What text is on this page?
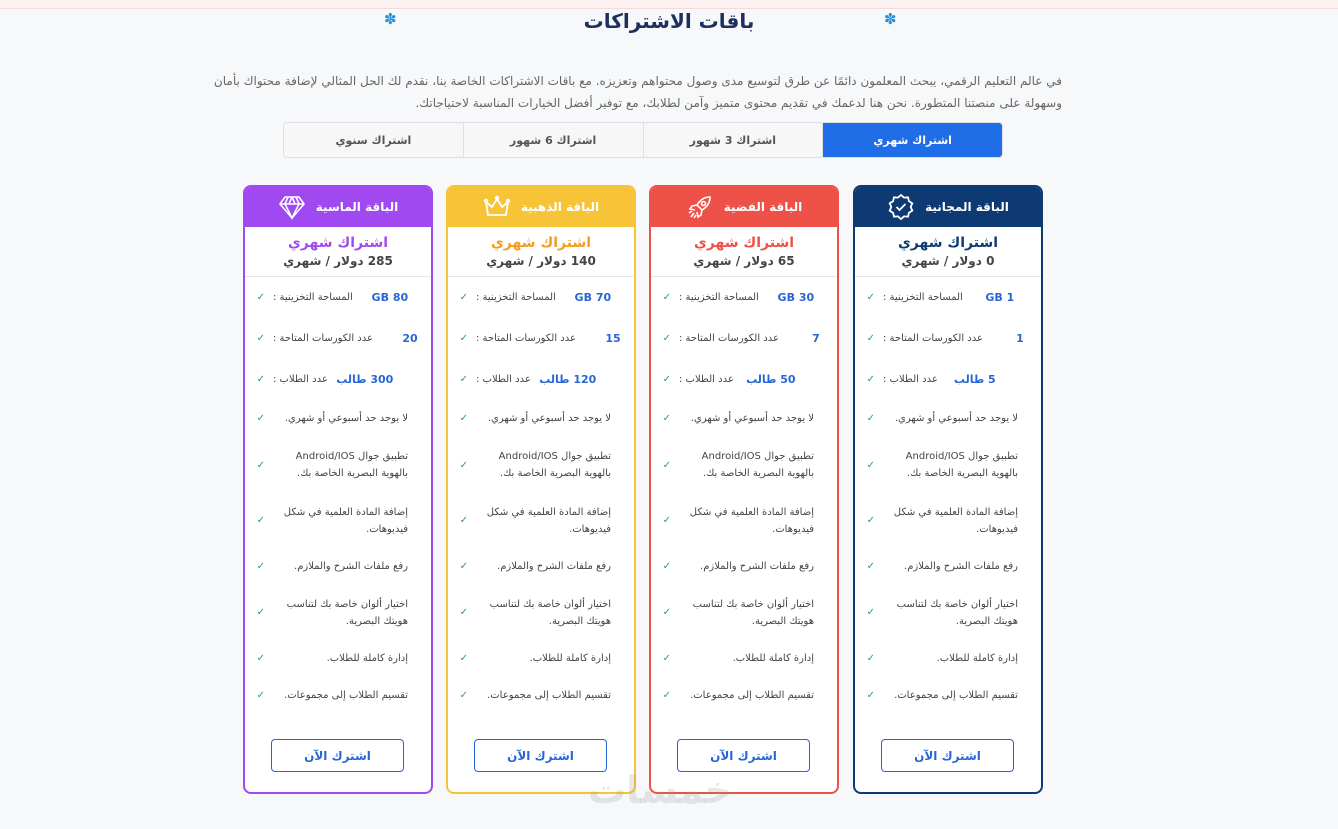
✽	✽
باقات الاشتراكات

في عالم التعليم الرقمي، يبحث المعلمون دائمًا عن طرق لتوسيع مدى وصول محتواهم وتعزيزه. مع باقات الاشتراكات الخاصة بنا، نقدم لك الحل المثالي لإضافة محتواك بأمان وسهولة على منصتنا المتطورة. نحن هنا لدعمك في تقديم محتوى متميز وآمن لطلابك، مع توفير أفضل الخيارات المناسبة لاحتياجاتك.

اشتراك شهري
اشتراك 3 شهور
اشتراك 6 شهور
اشتراك سنوي
الباقة المجانية
اشتراك شهري
0 دولار / شهري
✓ المساحة التخزينية :	1 GB
✓ عدد الكورسات المتاحة :	1
✓ عدد الطلاب :	5 طالب
✓	لا يوجد حد أسبوعي أو شهري.
✓
تطبيق جوال Android/IOS بالهوية البصرية الخاصة بك.
✓
إضافة المادة العلمية في شكل فيديوهات.
✓	رفع ملفات الشرح والملازم.
✓
اختيار ألوان خاصة بك لتناسب هويتك البصرية.
✓	إدارة كاملة للطلاب.
✓	تقسيم الطلاب إلى مجموعات.
اشترك الآن
الباقة الفضية
اشتراك شهري
65 دولار / شهري
✓ المساحة التخزينية :	30 GB
✓ عدد الكورسات المتاحة :	7
✓ عدد الطلاب :	50 طالب
✓	لا يوجد حد أسبوعي أو شهري.
✓
تطبيق جوال Android/IOS بالهوية البصرية الخاصة بك.
✓
إضافة المادة العلمية في شكل فيديوهات.
✓	رفع ملفات الشرح والملازم.
✓
اختيار ألوان خاصة بك لتناسب هويتك البصرية.
✓	إدارة كاملة للطلاب.
✓	تقسيم الطلاب إلى مجموعات.
اشترك الآن
الباقة الذهبية
اشتراك شهري
140 دولار / شهري
✓ المساحة التخزينية :	70 GB
✓ عدد الكورسات المتاحة :	15
✓ عدد الطلاب : 120 طالب
✓	لا يوجد حد أسبوعي أو شهري.
✓
تطبيق جوال Android/IOS بالهوية البصرية الخاصة بك.
✓
إضافة المادة العلمية في شكل فيديوهات.
✓	رفع ملفات الشرح والملازم.
✓
اختيار ألوان خاصة بك لتناسب هويتك البصرية.
✓	إدارة كاملة للطلاب.
✓	تقسيم الطلاب إلى مجموعات.
اشترك الآن
الباقة الماسية
اشتراك شهري
285 دولار / شهري
✓ المساحة التخزينية :	80 GB
✓ عدد الكورسات المتاحة :	20
✓ عدد الطلاب : 300 طالب
✓	لا يوجد حد أسبوعي أو شهري.
✓
تطبيق جوال Android/IOS بالهوية البصرية الخاصة بك.
✓
إضافة المادة العلمية في شكل فيديوهات.
✓	رفع ملفات الشرح والملازم.
✓
اختيار ألوان خاصة بك لتناسب هويتك البصرية.
✓	إدارة كاملة للطلاب.
✓	تقسيم الطلاب إلى مجموعات.
اشترك الآن
خمسات
